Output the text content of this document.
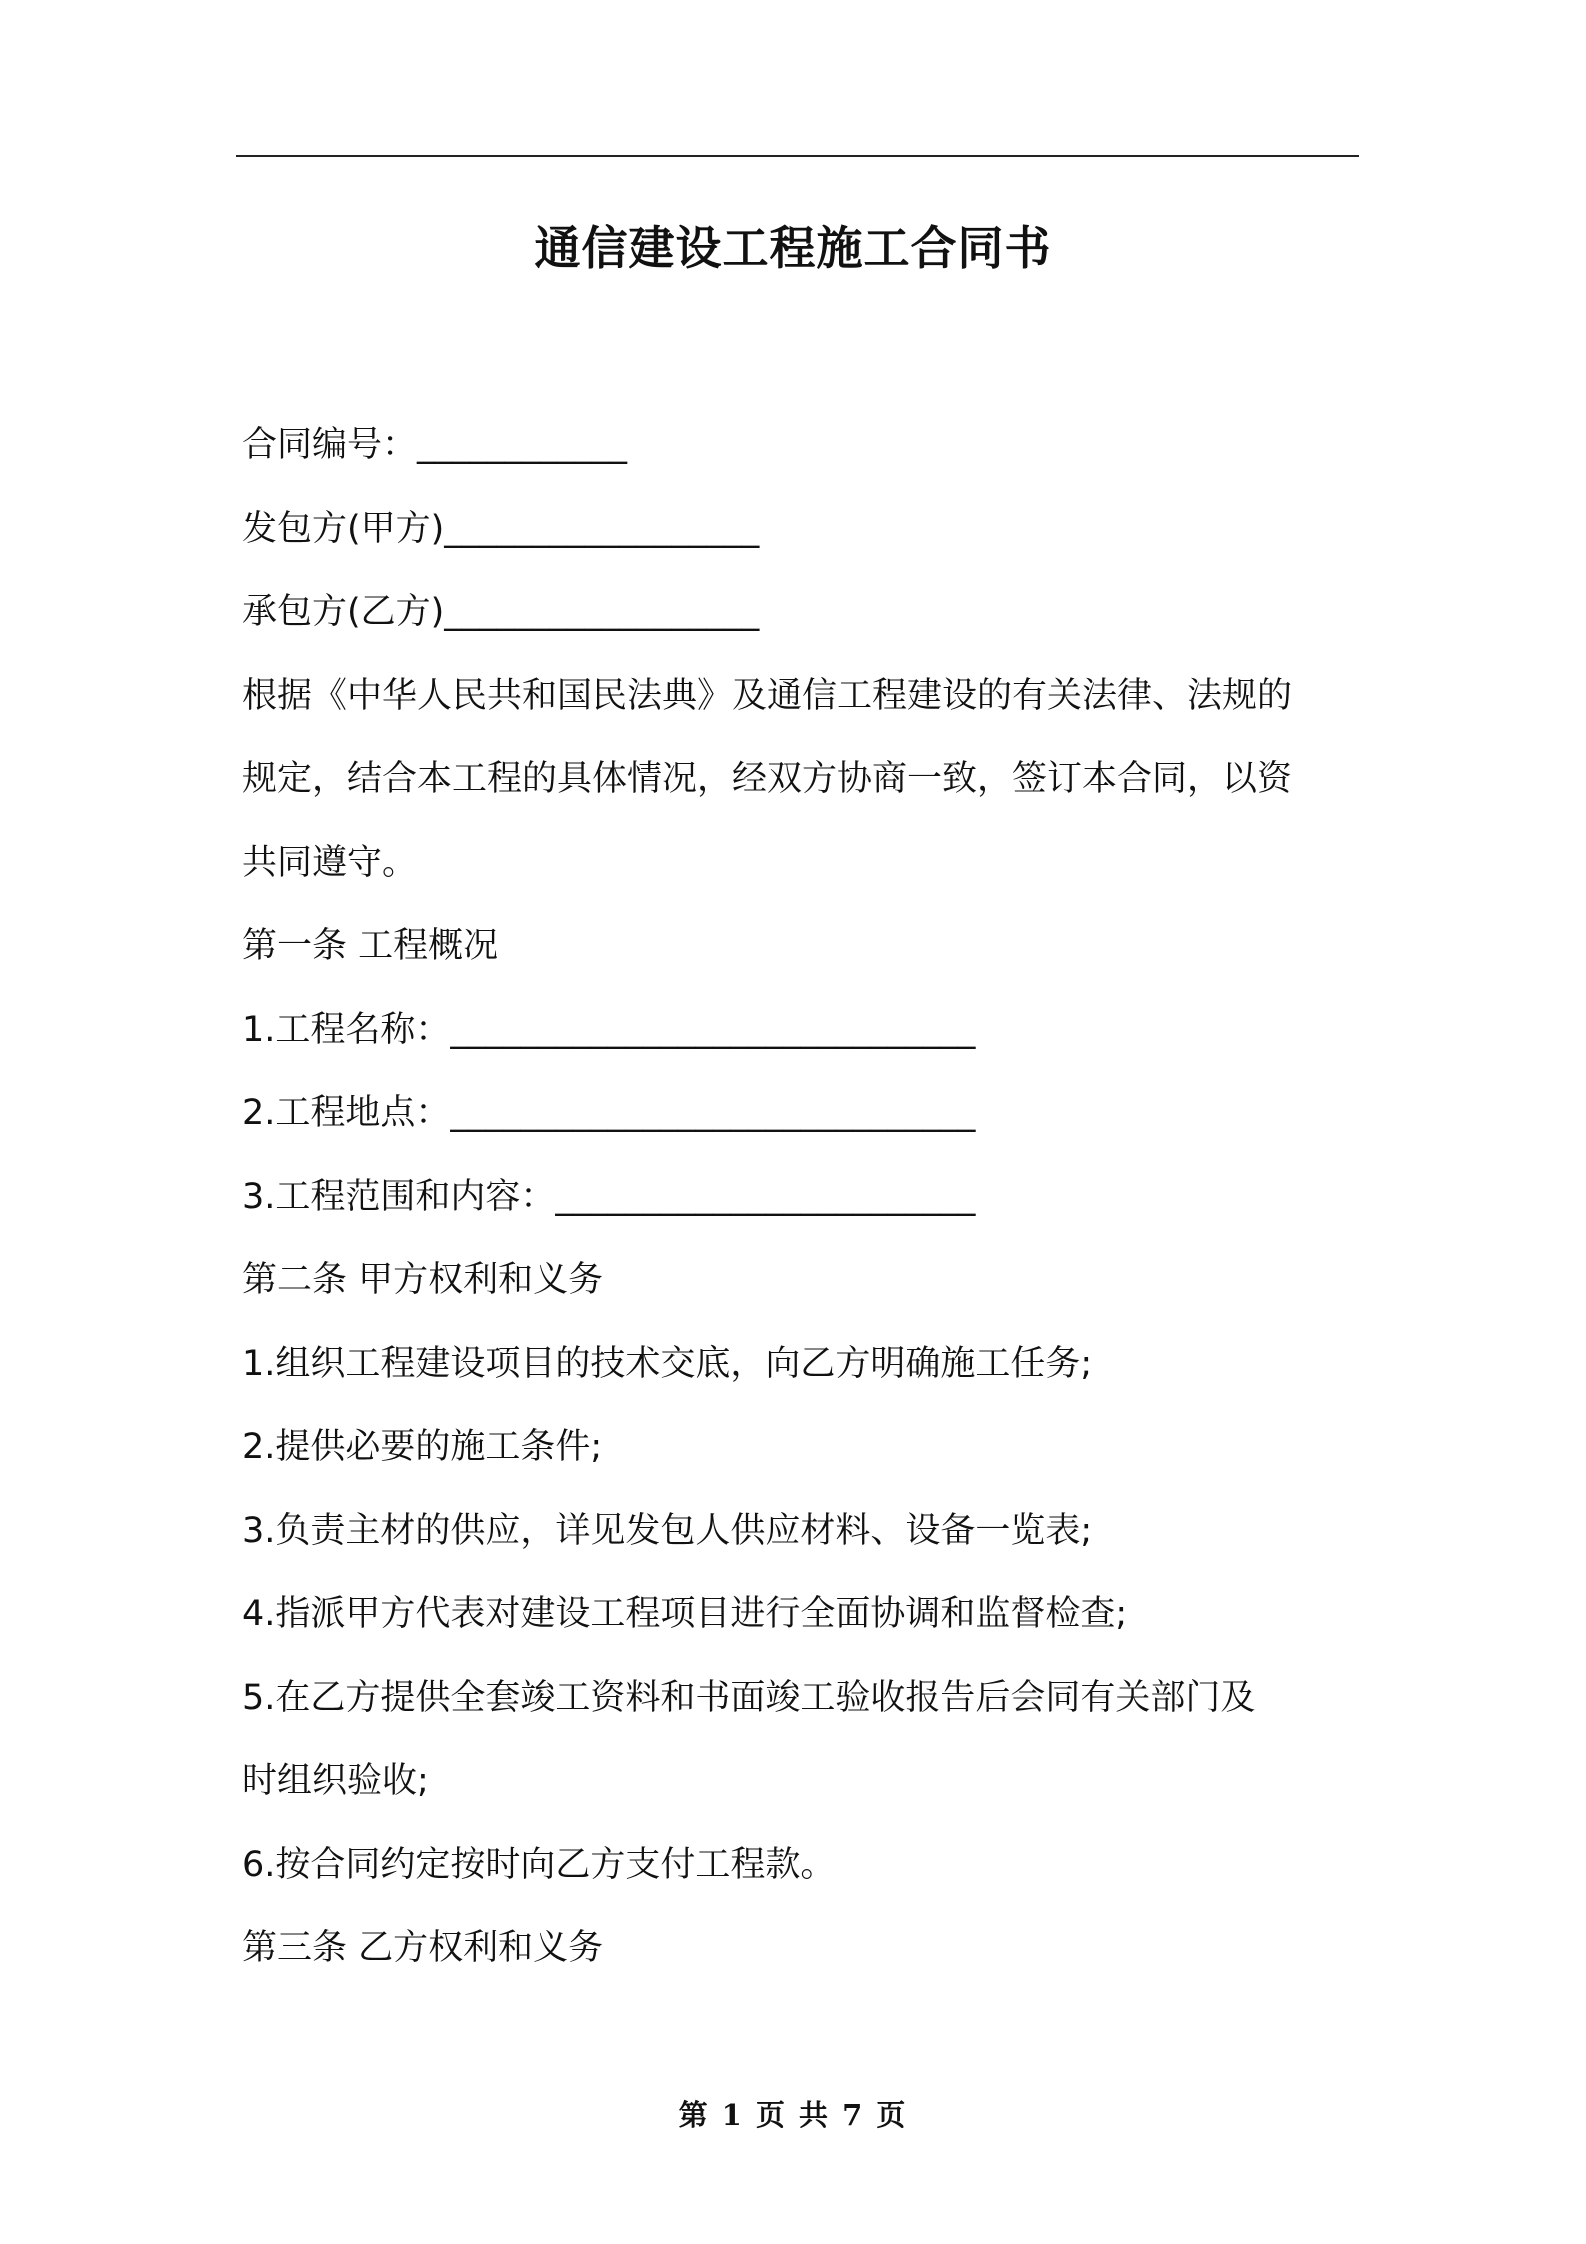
通信建设工程施工合同书
合同编号：____________
发包方(甲方)__________________
承包方(乙方)__________________
根据《中华人民共和国民法典》及通信工程建设的有关法律、法规的
规定，结合本工程的具体情况，经双方协商一致，签订本合同，以资
共同遵守。
第一条 工程概况
1.工程名称：______________________________
2.工程地点：______________________________
3.工程范围和内容：________________________
第二条 甲方权利和义务
1.组织工程建设项目的技术交底，向乙方明确施工任务;
2.提供必要的施工条件;
3.负责主材的供应，详见发包人供应材料、设备一览表;
4.指派甲方代表对建设工程项目进行全面协调和监督检查;
5.在乙方提供全套竣工资料和书面竣工验收报告后会同有关部门及
时组织验收;
6.按合同约定按时向乙方支付工程款。
第三条 乙方权利和义务
第 1 页 共 7 页
